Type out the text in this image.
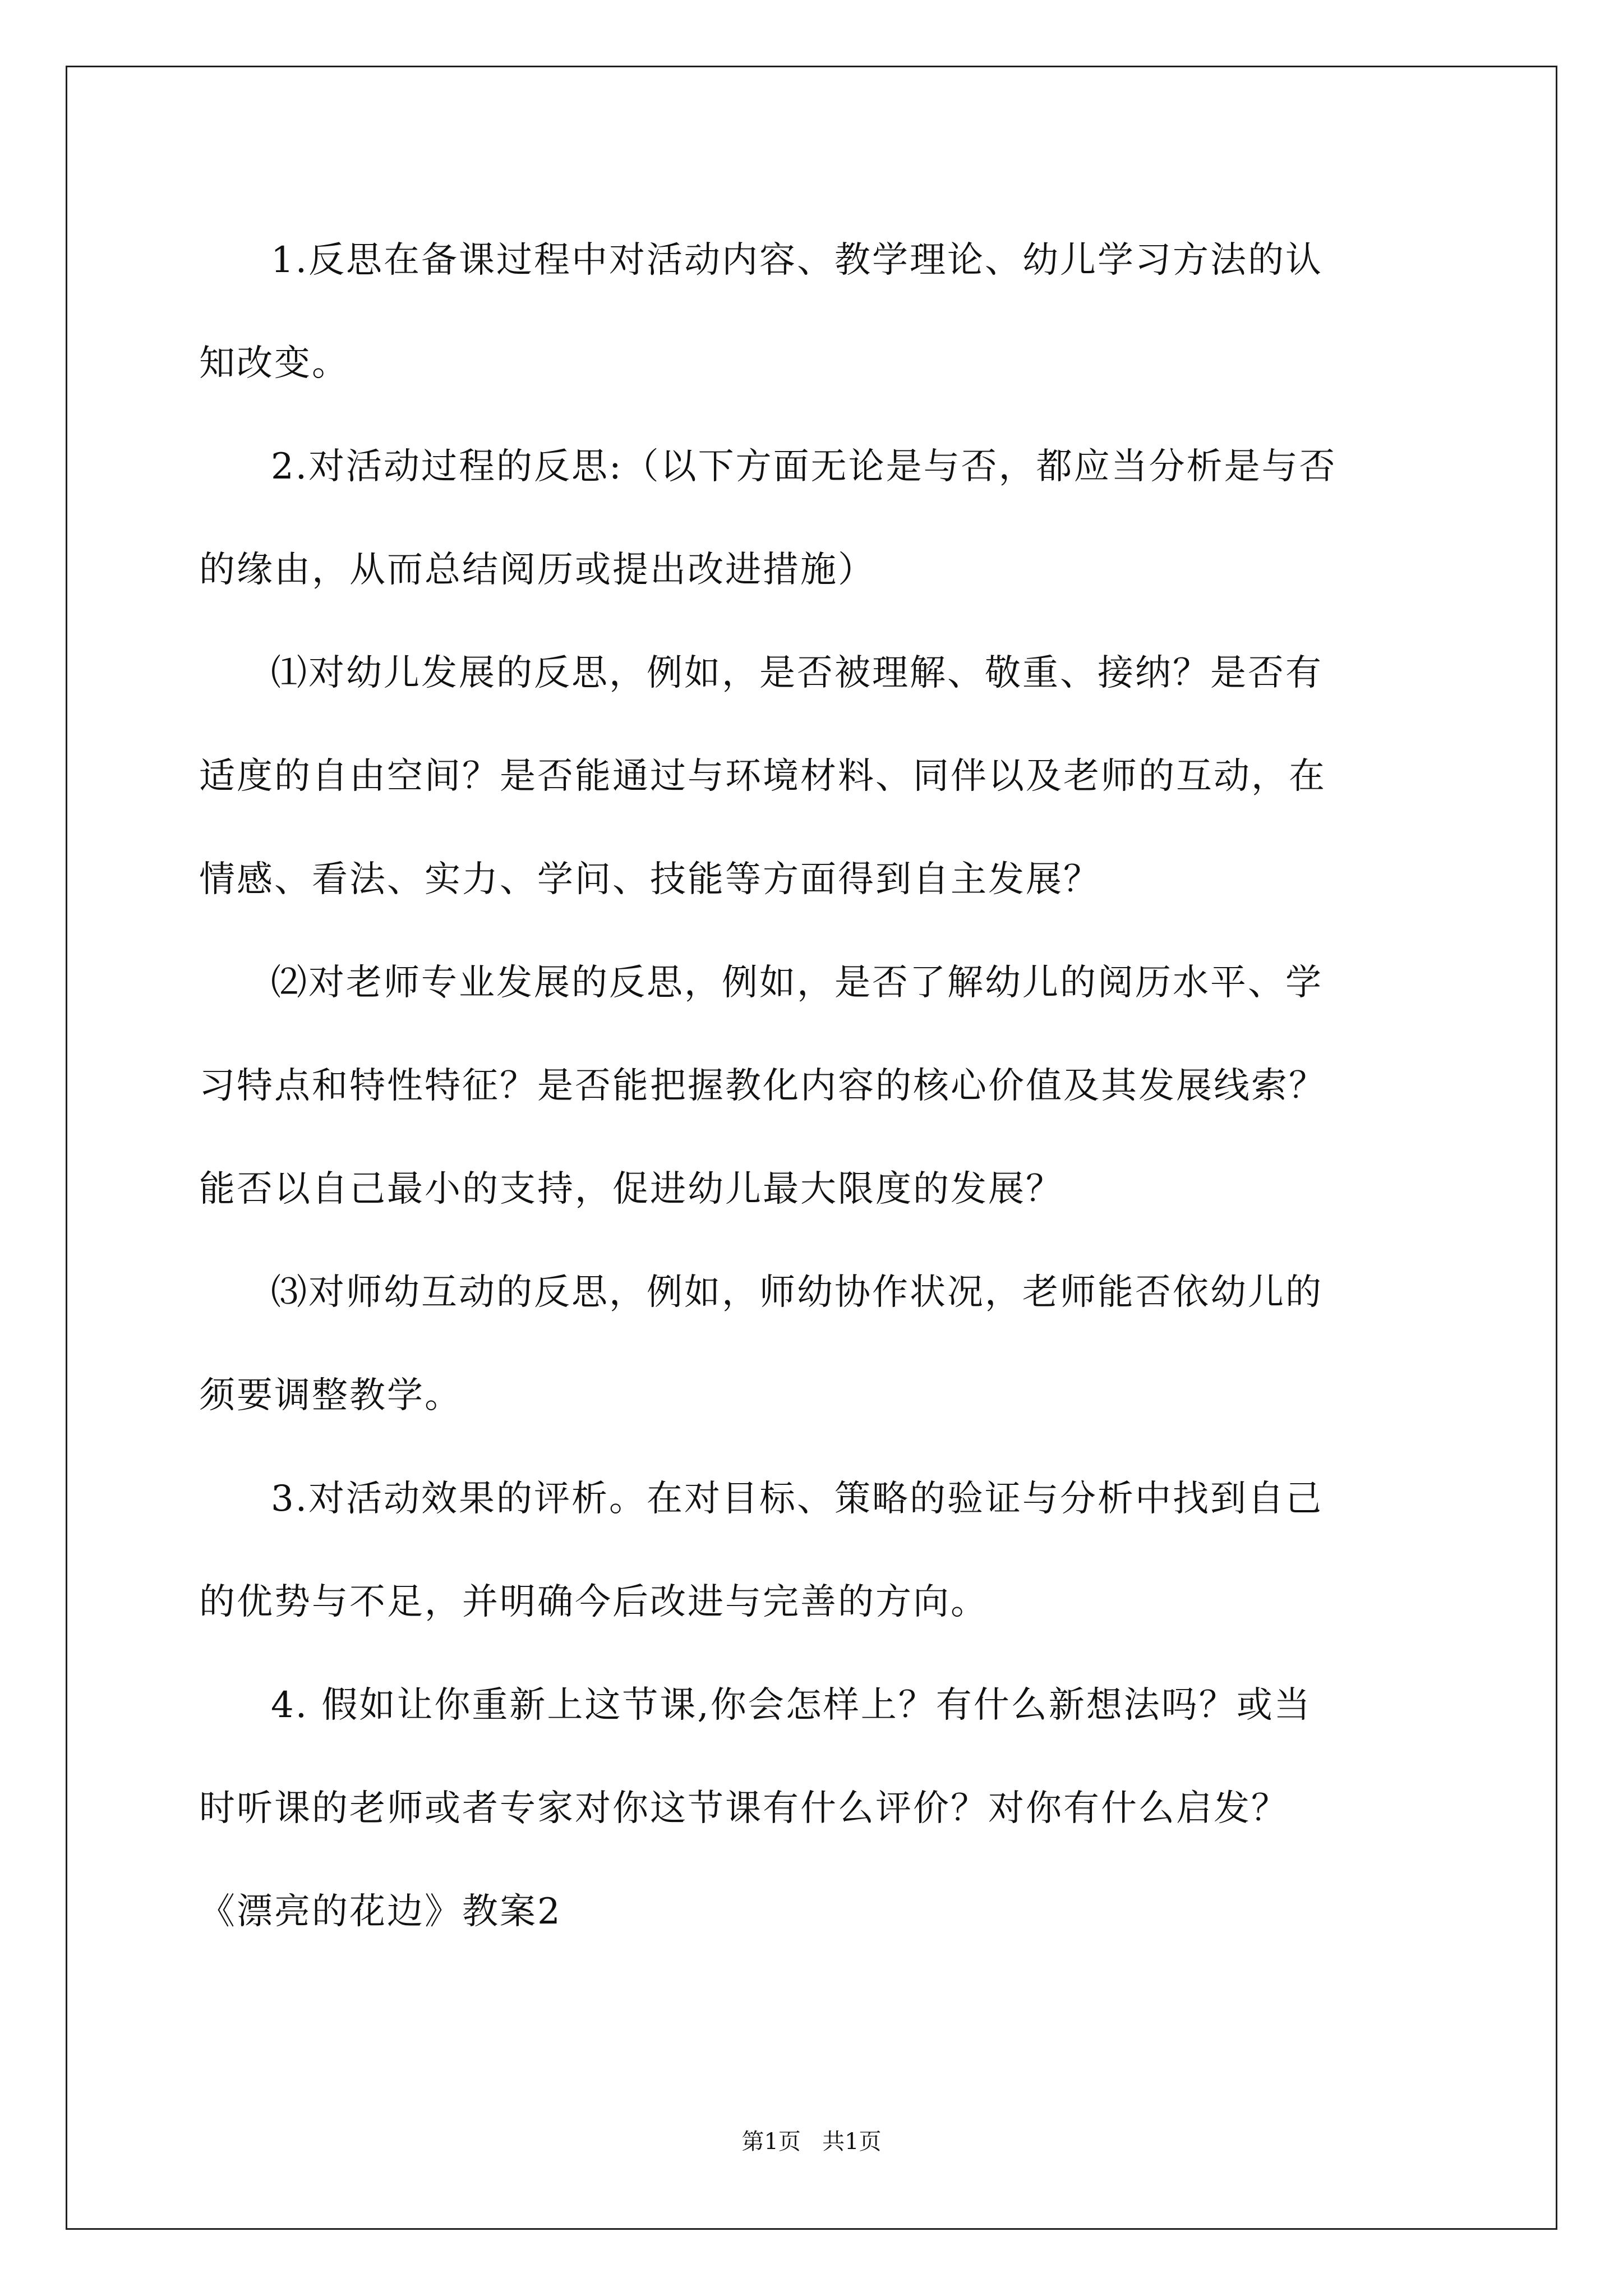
1.反思在备课过程中对活动内容、教学理论、幼儿学习方法的认
知改变。

2.对活动过程的反思:（以下方面无论是与否，都应当分析是与否
的缘由，从而总结阅历或提出改进措施）

⑴对幼儿发展的反思，例如，是否被理解、敬重、接纳？是否有
适度的自由空间？是否能通过与环境材料、同伴以及老师的互动，在
情感、看法、实力、学问、技能等方面得到自主发展？

⑵对老师专业发展的反思，例如，是否了解幼儿的阅历水平、学
习特点和特性特征？是否能把握教化内容的核心价值及其发展线索？
能否以自己最小的支持，促进幼儿最大限度的发展？

⑶对师幼互动的反思，例如，师幼协作状况，老师能否依幼儿的
须要调整教学。

3.对活动效果的评析。在对目标、策略的验证与分析中找到自己
的优势与不足，并明确今后改进与完善的方向。

4. 假如让你重新上这节课,你会怎样上？有什么新想法吗？或当
时听课的老师或者专家对你这节课有什么评价？对你有什么启发？

《漂亮的花边》教案2

第1页 共1页
